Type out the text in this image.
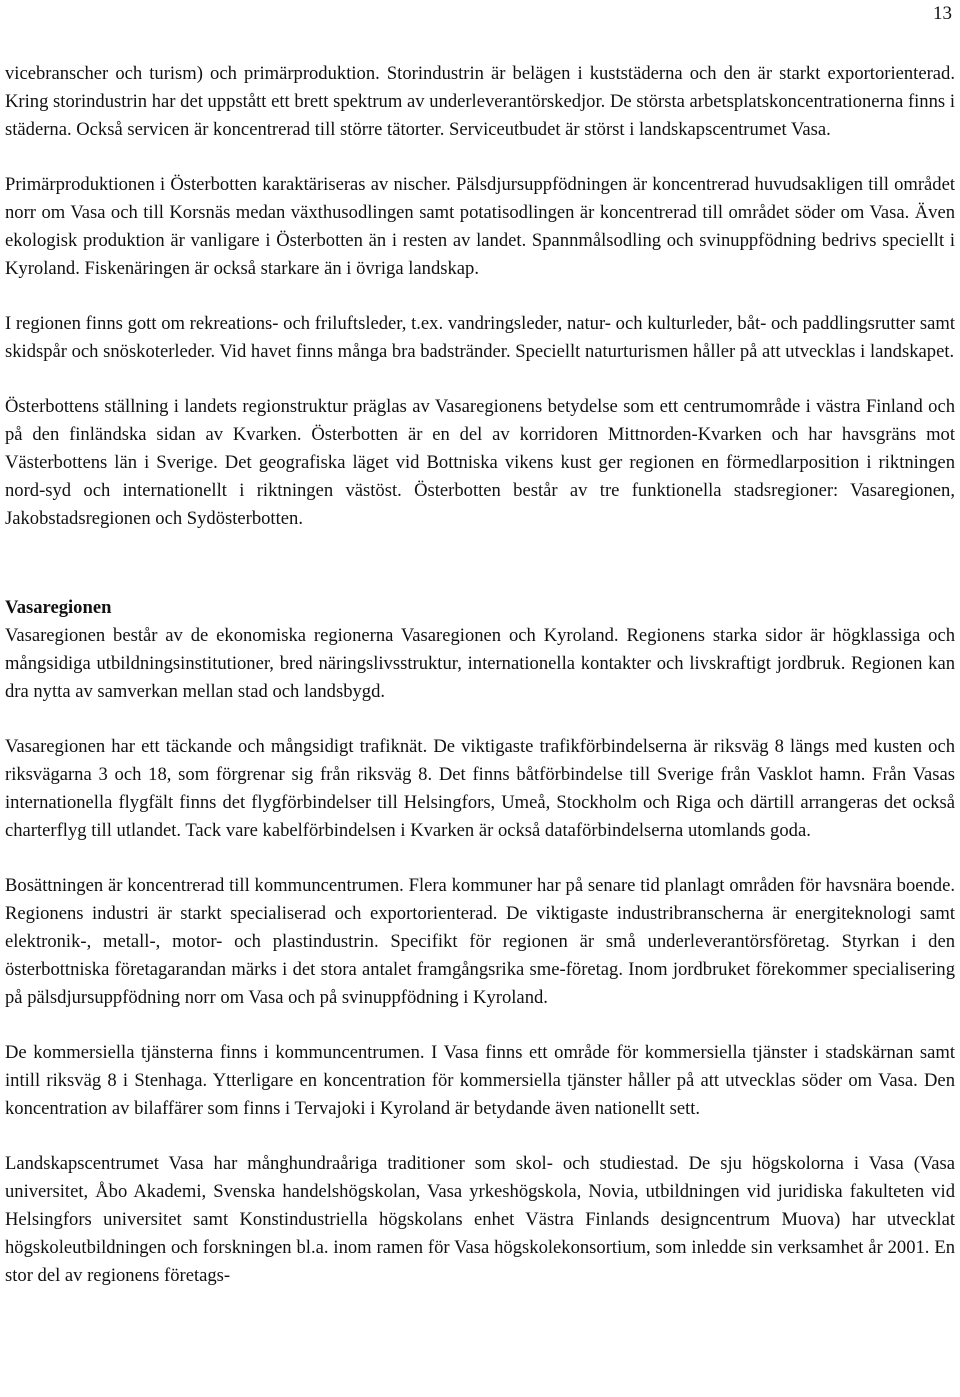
13

vicebranscher och turism) och primärproduktion. Storindustrin är belägen i kuststäderna och den är starkt exportorienterad. Kring storindustrin har det uppstått ett brett spektrum av underleverantörskedjor. De största arbetsplatskoncentrationerna finns i städerna. Också servicen är koncentrerad till större tätorter. Serviceutbudet är störst i landskapscentrumet Vasa.

Primärproduktionen i Österbotten karaktäriseras av nischer. Pälsdjursuppfödningen är koncentrerad huvudsakligen till området norr om Vasa och till Korsnäs medan växthusodlingen samt potatisodlingen är koncentrerad till området söder om Vasa. Även ekologisk produktion är vanligare i Österbotten än i resten av landet. Spannmålsodling och svinuppfödning bedrivs speciellt i Kyroland. Fiskenäringen är också starkare än i övriga landskap.

I regionen finns gott om rekreations- och friluftsleder, t.ex. vandringsleder, natur- och kulturleder, båt- och paddlingsrutter samt skidspår och snöskoterleder. Vid havet finns många bra badstränder. Speciellt naturturismen håller på att utvecklas i landskapet.

Österbottens ställning i landets regionstruktur präglas av Vasaregionens betydelse som ett centrumområde i västra Finland och på den finländska sidan av Kvarken. Österbotten är en del av korridoren Mittnorden-Kvarken och har havsgräns mot Västerbottens län i Sverige. Det geografiska läget vid Bottniska vikens kust ger regionen en förmedlarposition i riktningen nord-syd och internationellt i riktningen västöst. Österbotten består av tre funktionella stadsregioner: Vasaregionen, Jakobstadsregionen och Sydösterbotten.

Vasaregionen

Vasaregionen består av de ekonomiska regionerna Vasaregionen och Kyroland. Regionens starka sidor är högklassiga och mångsidiga utbildningsinstitutioner, bred näringslivsstruktur, internationella kontakter och livskraftigt jordbruk. Regionen kan dra nytta av samverkan mellan stad och landsbygd.

Vasaregionen har ett täckande och mångsidigt trafiknät. De viktigaste trafikförbindelserna är riksväg 8 längs med kusten och riksvägarna 3 och 18, som förgrenar sig från riksväg 8. Det finns båtförbindelse till Sverige från Vasklot hamn. Från Vasas internationella flygfält finns det flygförbindelser till Helsingfors, Umeå, Stockholm och Riga och därtill arrangeras det också charterflyg till utlandet. Tack vare kabelförbindelsen i Kvarken är också dataförbindelserna utomlands goda.

Bosättningen är koncentrerad till kommuncentrumen. Flera kommuner har på senare tid planlagt områden för havsnära boende. Regionens industri är starkt specialiserad och exportorienterad. De viktigaste industribranscherna är energiteknologi samt elektronik-, metall-, motor- och plastindustrin. Specifikt för regionen är små underleverantörsföretag. Styrkan i den österbottniska företagarandan märks i det stora antalet framgångsrika sme-företag. Inom jordbruket förekommer specialisering på pälsdjursuppfödning norr om Vasa och på svinuppfödning i Kyroland.

De kommersiella tjänsterna finns i kommuncentrumen. I Vasa finns ett område för kommersiella tjänster i stadskärnan samt intill riksväg 8 i Stenhaga. Ytterligare en koncentration för kommersiella tjänster håller på att utvecklas söder om Vasa. Den koncentration av bilaffärer som finns i Tervajoki i Kyroland är betydande även nationellt sett.

Landskapscentrumet Vasa har månghundraåriga traditioner som skol- och studiestad. De sju högskolorna i Vasa (Vasa universitet, Åbo Akademi, Svenska handelshögskolan, Vasa yrkeshögskola, Novia, utbildningen vid juridiska fakulteten vid Helsingfors universitet samt Konstindustriella högskolans enhet Västra Finlands designcentrum Muova) har utvecklat högskoleutbildningen och forskningen bl.a. inom ramen för Vasa högskolekonsortium, som inledde sin verksamhet år 2001. En stor del av regionens företags-
